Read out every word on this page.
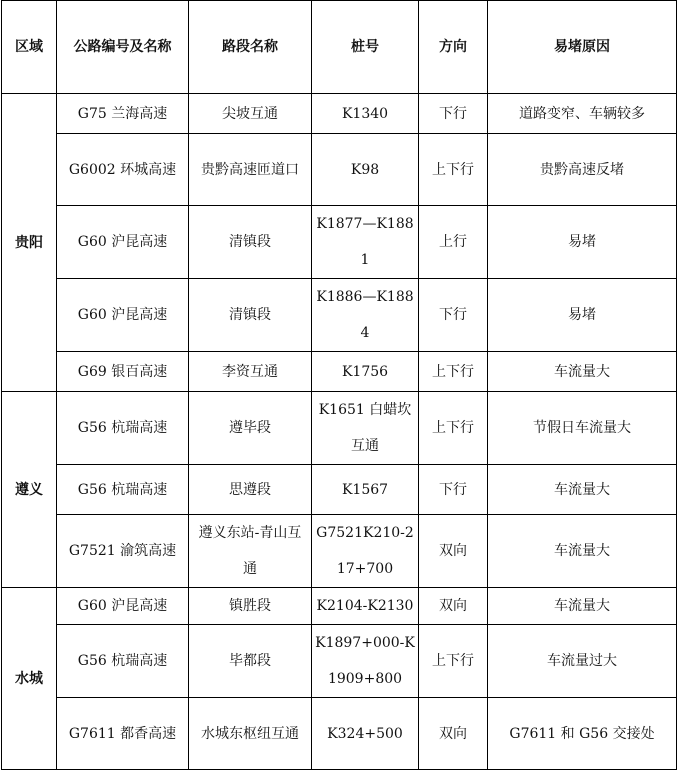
区域	公路编号及名称	路段名称	桩号	方向	易堵原因
贵阳	G75 兰海高速	尖坡互通	K1340	下行	道路变窄、车辆较多
	G6002 环城高速	贵黔高速匝道口	K98	上下行	贵黔高速反堵
	G60 沪昆高速	清镇段	K1877—K1881	上行	易堵
	G60 沪昆高速	清镇段	K1886—K1884	下行	易堵
	G69 银百高速	李资互通	K1756	上下行	车流量大
遵义	G56 杭瑞高速	遵毕段	K1651 白蜡坎互通	上下行	节假日车流量大
	G56 杭瑞高速	思遵段	K1567	下行	车流量大
	G7521 渝筑高速	遵义东站-青山互通	G7521K210-217+700	双向	车流量大
水城	G60 沪昆高速	镇胜段	K2104-K2130	双向	车流量大
	G56 杭瑞高速	毕都段	K1897+000-K1909+800	上下行	车流量过大
	G7611 都香高速	水城东枢纽互通	K324+500	双向	G7611 和 G56 交接处
